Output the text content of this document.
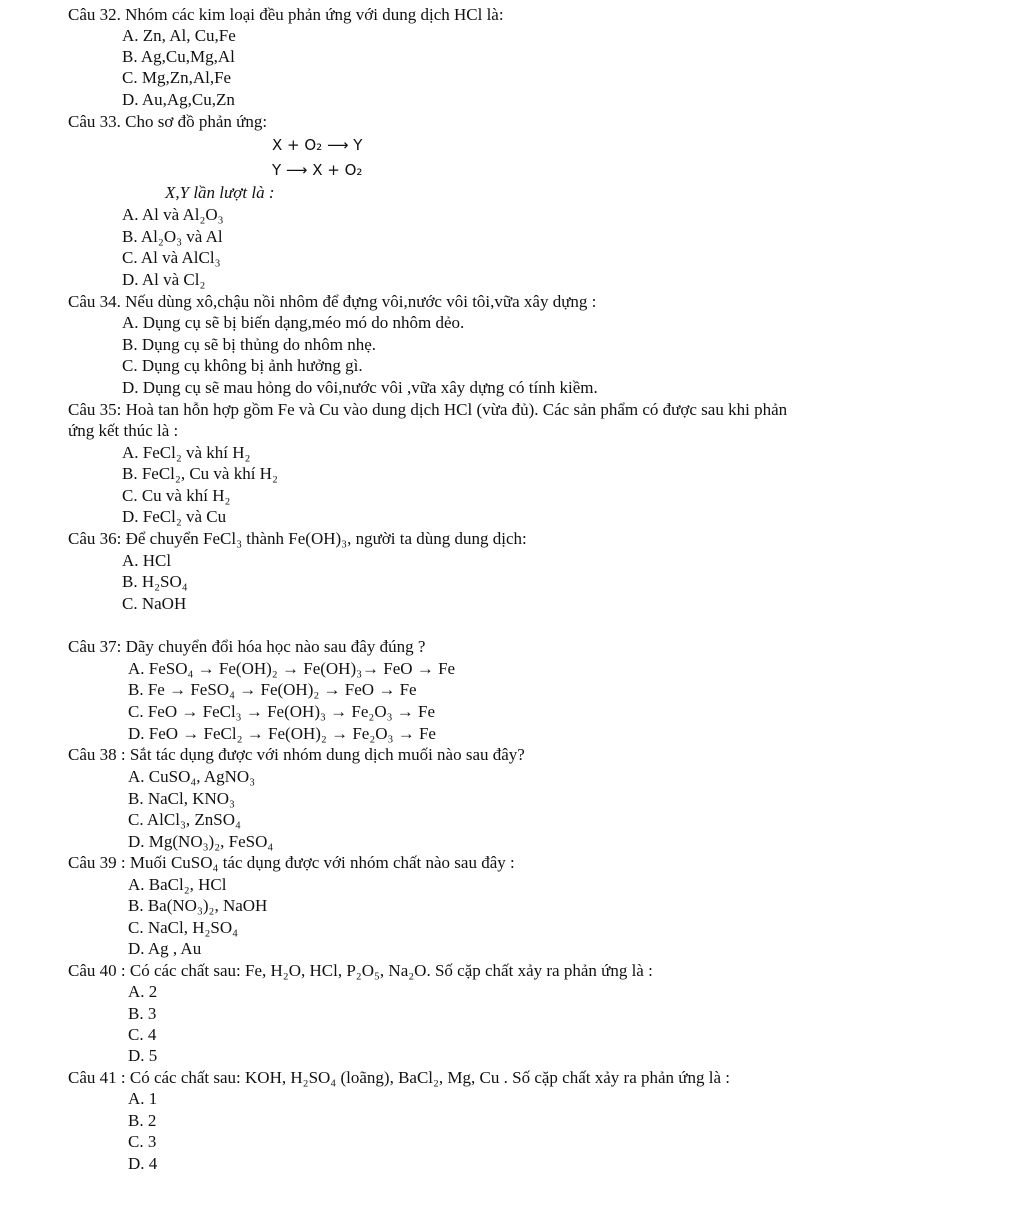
Câu 32. Nhóm các kim loại đều phản ứng với dung dịch HCl là:
A. Zn, Al, Cu,Fe
B. Ag,Cu,Mg,Al
C. Mg,Zn,Al,Fe
D. Au,Ag,Cu,Zn
Câu 33. Cho sơ đồ phản ứng:
X + O₂ ⟶ Y
Y ⟶ X + O₂
X,Y lần lượt là :
A. Al và Al₂O₃
B. Al₂O₃ và Al
C. Al và AlCl₃
D. Al và Cl₂
Câu 34. Nếu dùng xô,chậu nồi nhôm để đựng vôi,nước vôi tôi,vữa xây dựng :
A. Dụng cụ sẽ bị biến dạng,méo mó do nhôm dẻo.
B. Dụng cụ sẽ bị thủng do nhôm nhẹ.
C. Dụng cụ không bị ảnh hưởng gì.
D. Dụng cụ sẽ mau hỏng do vôi,nước vôi ,vữa xây dựng có tính kiềm.
Câu 35: Hoà tan hỗn hợp gồm Fe và Cu vào dung dịch HCl (vừa đủ). Các sản phẩm có được sau khi phản
ứng kết thúc là :
A. FeCl₂ và khí H₂
B. FeCl₂, Cu và khí H₂
C. Cu và khí H₂
D. FeCl₂ và Cu
Câu 36: Để chuyển FeCl₃ thành Fe(OH)₃, người ta dùng dung dịch:
A. HCl
B. H₂SO₄
C. NaOH
Câu 37: Dãy chuyển đổi hóa học nào sau đây đúng ?
A. FeSO₄ → Fe(OH)₂ → Fe(OH)₃→ FeO → Fe
B. Fe → FeSO₄ → Fe(OH)₂ → FeO → Fe
C. FeO → FeCl₃ → Fe(OH)₃ → Fe₂O₃ → Fe
D. FeO → FeCl₂ → Fe(OH)₂ → Fe₂O₃ → Fe
Câu 38 : Sắt tác dụng được với nhóm dung dịch muối nào sau đây?
A. CuSO₄, AgNO₃
B. NaCl, KNO₃
C. AlCl₃, ZnSO₄
D. Mg(NO₃)₂, FeSO₄
Câu 39 : Muối CuSO₄ tác dụng được với nhóm chất nào sau đây :
A. BaCl₂, HCl
B. Ba(NO₃)₂, NaOH
C. NaCl, H₂SO₄
D. Ag , Au
Câu 40 : Có các chất sau: Fe, H₂O, HCl, P₂O₅, Na₂O. Số cặp chất xảy ra phản ứng là :
A. 2
B. 3
C. 4
D. 5
Câu 41 : Có các chất sau: KOH, H₂SO₄ (loãng), BaCl₂, Mg, Cu . Số cặp chất xảy ra phản ứng là :
A. 1
B. 2
C. 3
D. 4
